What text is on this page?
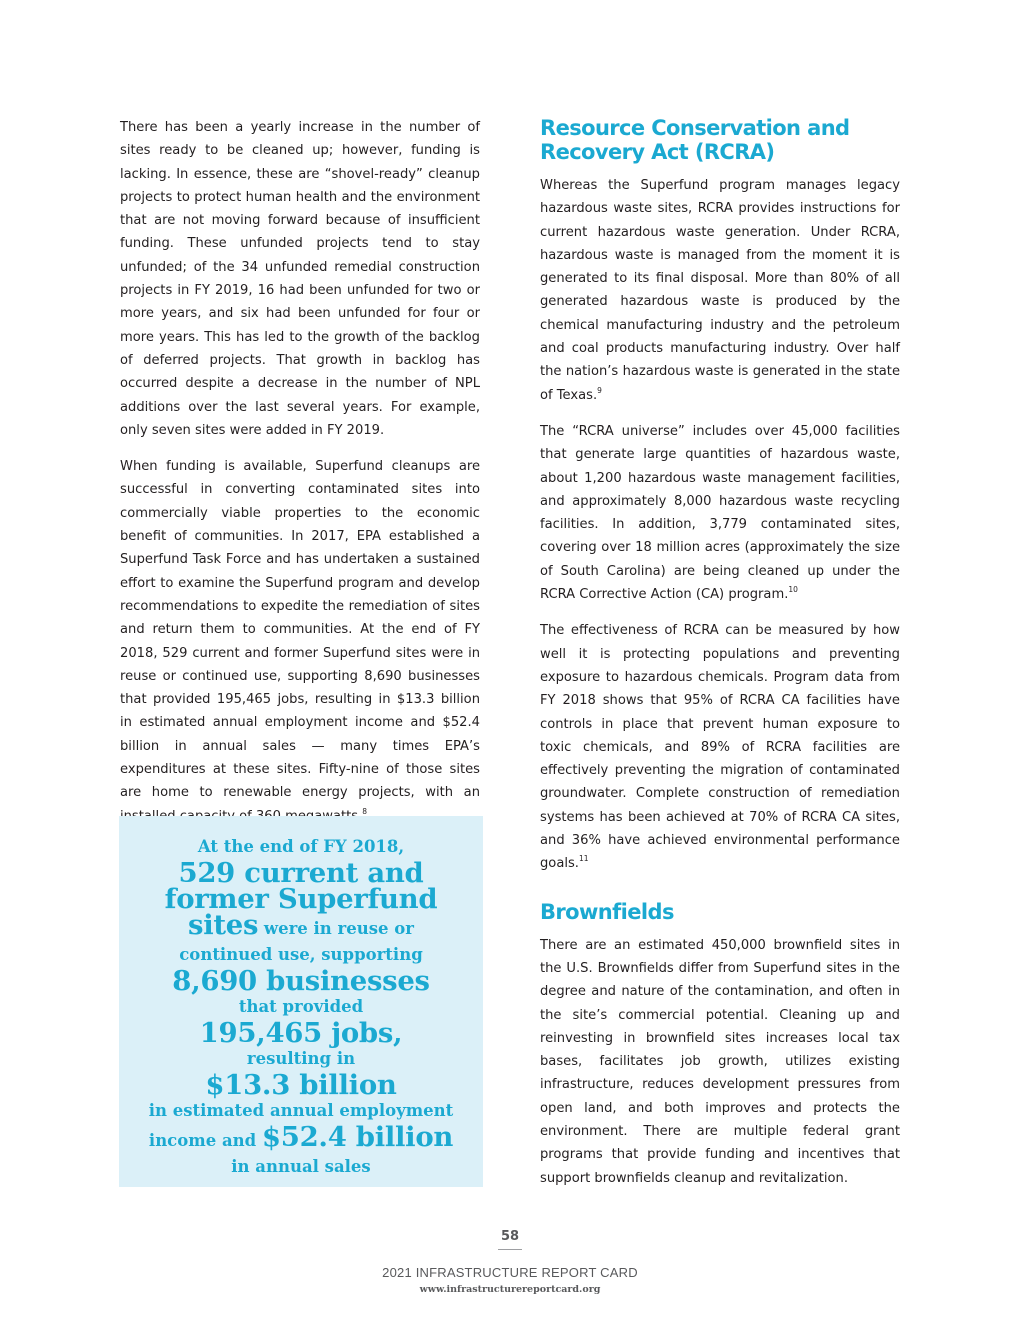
There has been a yearly increase in the number of sites ready to be cleaned up; however, funding is lacking. In essence, these are “shovel-ready” cleanup projects to protect human health and the environment that are not moving forward because of insufficient funding. These unfunded projects tend to stay unfunded; of the 34 unfunded remedial construction projects in FY 2019, 16 had been unfunded for two or more years, and six had been unfunded for four or more years. This has led to the growth of the backlog of deferred projects. That growth in backlog has occurred despite a decrease in the number of NPL additions over the last several years. For example, only seven sites were added in FY 2019.

When funding is available, Superfund cleanups are successful in converting contaminated sites into commercially viable properties to the economic benefit of communities. In 2017, EPA established a Superfund Task Force and has undertaken a sustained effort to examine the Superfund program and develop recommendations to expedite the remediation of sites and return them to communities. At the end of FY 2018, 529 current and former Superfund sites were in reuse or continued use, supporting 8,690 businesses that provided 195,465 jobs, resulting in $13.3 billion in estimated annual employment income and $52.4 billion in annual sales — many times EPA’s expenditures at these sites. Fifty-nine of those sites are home to renewable energy projects, with an $^8$

At the end of FY 2018,
529 current and
former Superfund
sites were in reuse or
continued use, supporting
8,690 businesses
that provided
195,465 jobs,
resulting in
$13.3 billion
in estimated annual employment
income and $52.4 billion
in annual sales
Resource Conservation and Recovery Act (RCRA)

Whereas the Superfund program manages legacy hazardous waste sites, RCRA provides instructions for current hazardous waste generation. Under RCRA, hazardous waste is managed from the moment it is generated to its final disposal. More than 80% of all generated hazardous waste is produced by the chemical manufacturing industry and the petroleum and coal products manufacturing industry. Over half the nation’s hazardous waste is generated in the state of Texas.$^9$

The “RCRA universe” includes over 45,000 facilities that generate large quantities of hazardous waste, about 1,200 hazardous waste management facilities, and approximately 8,000 hazardous waste recycling facilities. In addition, 3,779 contaminated sites, covering over 18 million acres (approximately the size of South Carolina) are being cleaned up under the RCRA Corrective Action (CA) program.$^{10}$

The effectiveness of RCRA can be measured by how well it is protecting populations and preventing exposure to hazardous chemicals. Program data from FY 2018 shows that 95% of RCRA CA facilities have controls in place that prevent human exposure to toxic chemicals, and 89% of RCRA facilities are effectively preventing the migration of contaminated groundwater. Complete construction of remediation systems has been achieved at 70% of RCRA CA sites, and 36% have achieved environmental performance goals.$^{11}$

Brownfields

There are an estimated 450,000 brownfield sites in the U.S. Brownfields differ from Superfund sites in the degree and nature of the contamination, and often in the site’s commercial potential. Cleaning up and reinvesting in brownfield sites increases local tax bases, facilitates job growth, utilizes existing infrastructure, reduces development pressures from open land, and both improves and protects the environment. There are multiple federal grant programs that provide funding and incentives that support brownfields cleanup and revitalization.

58
2021 INFRASTRUCTURE REPORT CARD
www.infrastructurereportcard.org
